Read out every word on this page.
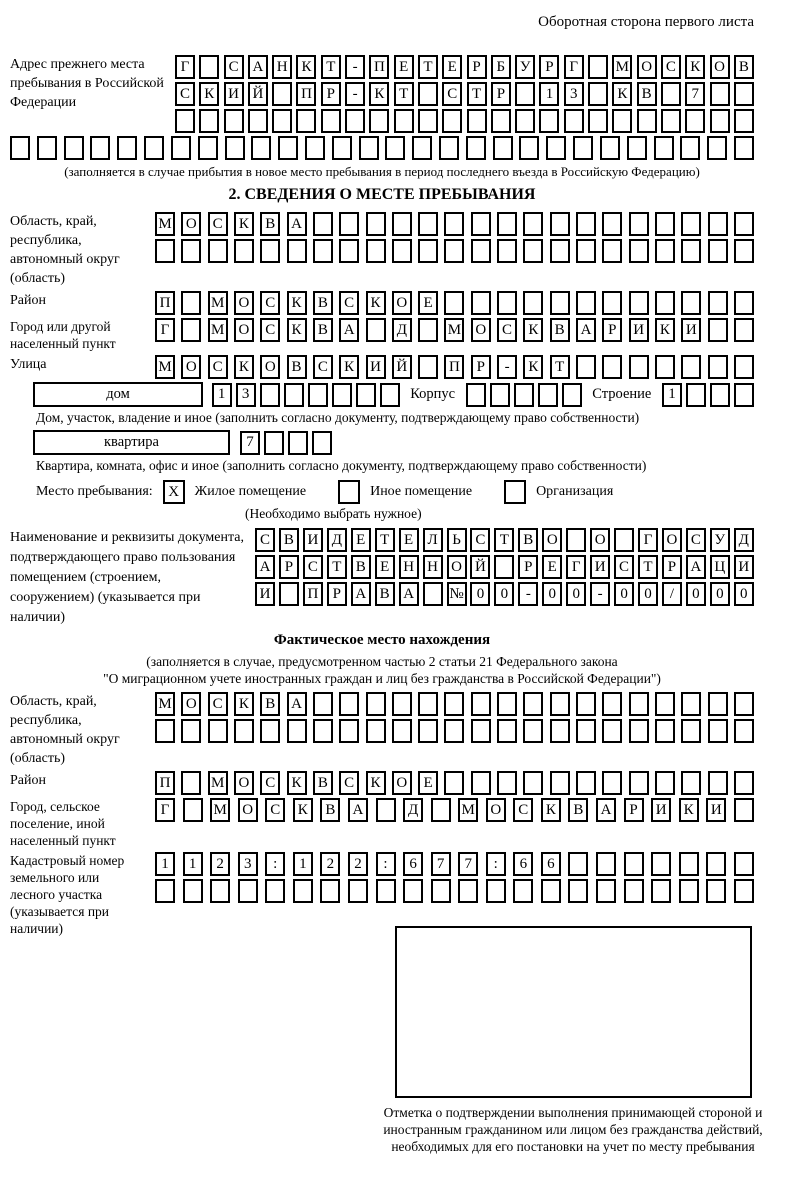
Оборотная сторона первого листа
Адрес прежнего места пребывания в Российской Федерации
Г	С А Н К Т	-	П Е	Т	Е	Р	Б У Р	Г	М О С К О В
С К И Й	П Р	-	К Т	С Т	Р	1	3	К В	7
(заполняется в случае прибытия в новое место пребывания в период последнего въезда в Российскую Федерацию)
2. СВЕДЕНИЯ О МЕСТЕ ПРЕБЫВАНИЯ
Область, край, республика, автономный округ (область)
М О	С	К	В	А
Район	П	М О	С	К	В	С	К	О	Е
Город или другой населенный пункт
Г	М О	С	К	В	А	Д	М О	С	К	В	А	Р	И	К	И
Улица	М О	С	К	О	В	С	К	И	Й	П	Р	-	К	Т
дом	1	3	Корпус	Строение	1
Дом, участок, владение и иное (заполнить согласно документу, подтверждающему право собственности)
квартира	7
Квартира, комната, офис и иное (заполнить согласно документу, подтверждающему право собственности)
Место пребывания: X Жилое помещение	Иное помещение	Организация
(Необходимо выбрать нужное)
Наименование и реквизиты документа, подтверждающего право пользования помещением (строением, сооружением) (указывается при наличии)
С В И Д Е Т Е Л Ь С Т В О	О	Г О С У Д
А Р С Т В Е Н Н О Й	Р	Е	Г И С Т	Р А Ц И
И	П Р А В А	№ 0	0	-	0	0	-	0	0	/	0	0	0
Фактическое место нахождения
(заполняется в случае, предусмотренном частью 2 статьи 21 Федерального закона
"О миграционном учете иностранных граждан и лиц без гражданства в Российской Федерации")
Область, край, республика, автономный округ (область)
М О	С	К	В	А
Район	П	М О	С	К	В	С	К	О	Е
Город, сельское поселение, иной населенный пункт
Г	М	О	С	К	В	А	Д	М	О	С	К	В	А	Р	И	К	И
Кадастровый номер земельного или лесного участка (указывается при наличии)
1	1	2	3	:	1	2	2	:	6	7	7	:	6	6
Отметка о подтверждении выполнения принимающей стороной и иностранным гражданином или лицом без гражданства действий, необходимых для его постановки на учет по месту пребывания
